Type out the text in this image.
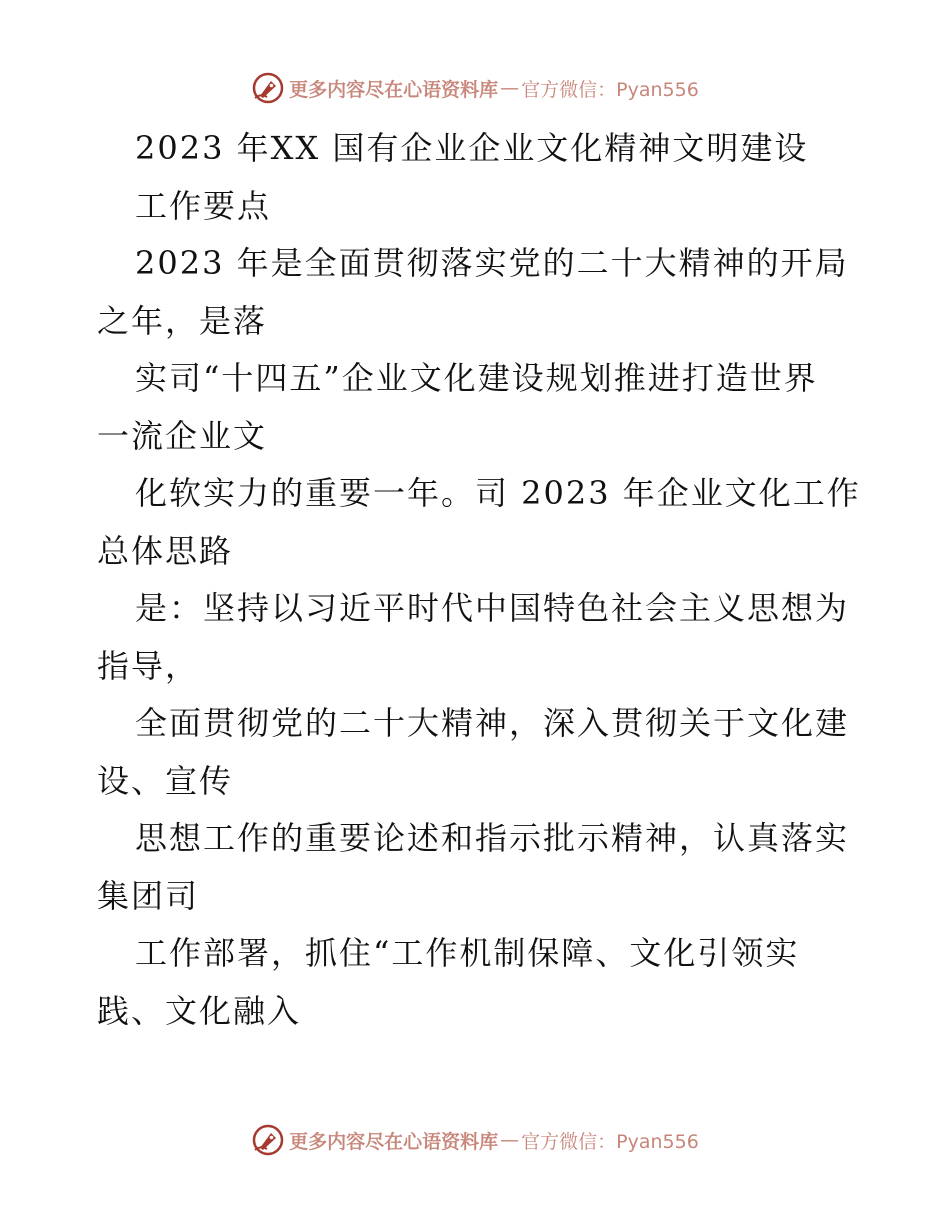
更多内容尽在心语资料库 — 官方微信：Pyan556
2023 年XX 国有企业企业文化精神文明建设
工作要点
2023 年是全面贯彻落实党的二十大精神的开局
之年，是落
实司“十四五”企业文化建设规划推进打造世界
一流企业文
化软实力的重要一年。司 2023 年企业文化工作
总体思路
是：坚持以习近平时代中国特色社会主义思想为
指导，
全面贯彻党的二十大精神，深入贯彻关于文化建
设、宣传
思想工作的重要论述和指示批示精神，认真落实
集团司
工作部署，抓住“工作机制保障、文化引领实
践、文化融入
更多内容尽在心语资料库 — 官方微信：Pyan556
